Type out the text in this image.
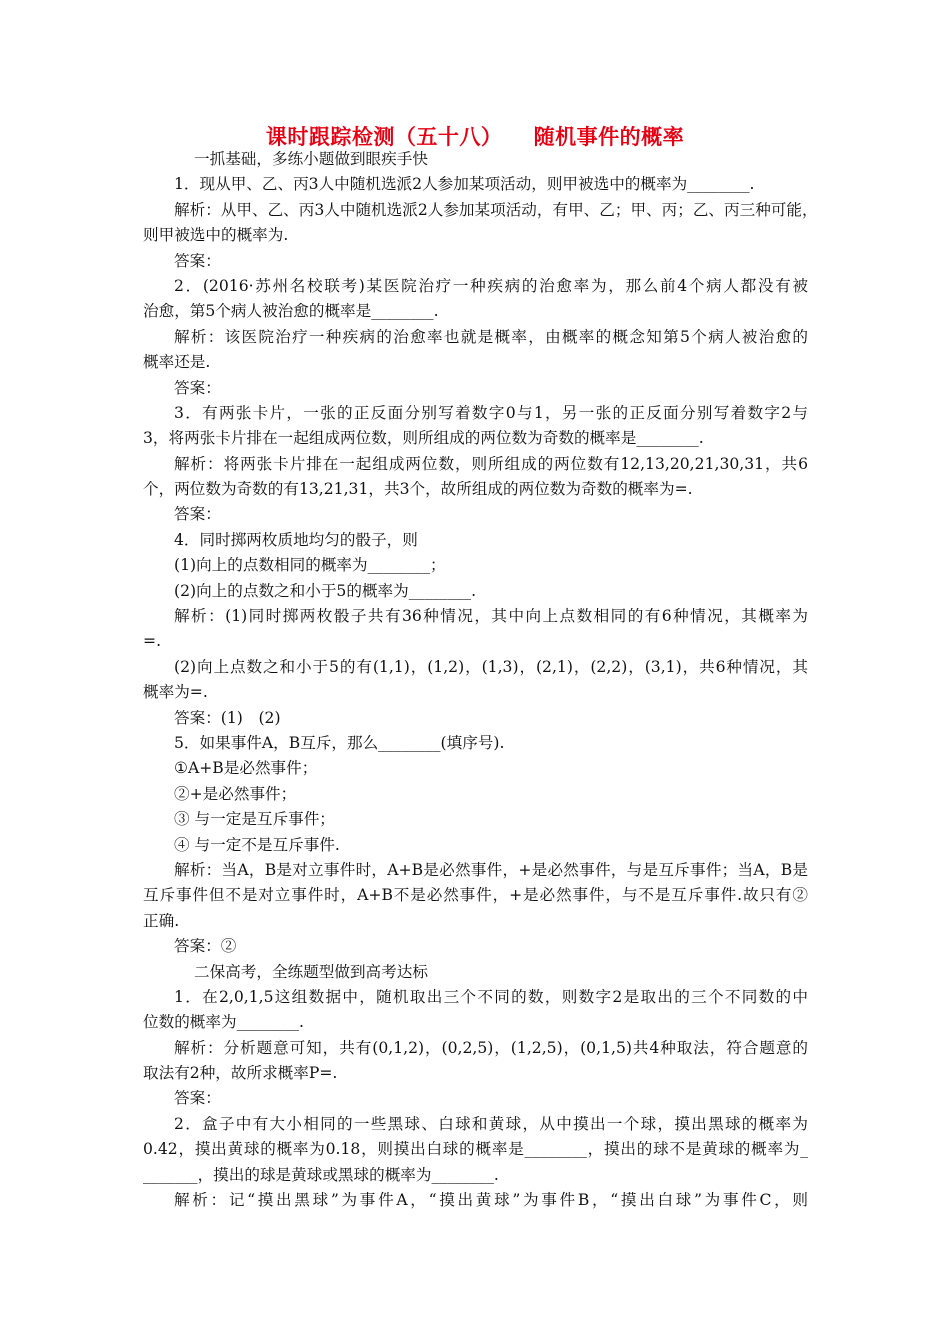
课时跟踪检测（五十八）    随机事件的概率
一抓基础，多练小题做到眼疾手快
1．现从甲、乙、丙3人中随机选派2人参加某项活动，则甲被选中的概率为________.
解析：从甲、乙、丙3人中随机选派2人参加某项活动，有甲、乙；甲、丙；乙、丙三种可能，
则甲被选中的概率为.
答案：
2．(2016·苏州名校联考)某医院治疗一种疾病的治愈率为，那么前4个病人都没有被
治愈，第5个病人被治愈的概率是________.
解析：该医院治疗一种疾病的治愈率也就是概率，由概率的概念知第5个病人被治愈的
概率还是.
答案：
3．有两张卡片，一张的正反面分别写着数字0与1，另一张的正反面分别写着数字2与
3，将两张卡片排在一起组成两位数，则所组成的两位数为奇数的概率是________.
解析：将两张卡片排在一起组成两位数，则所组成的两位数有12,13,20,21,30,31，共6
个，两位数为奇数的有13,21,31，共3个，故所组成的两位数为奇数的概率为=.
答案：
4．同时掷两枚质地均匀的骰子，则
(1)向上的点数相同的概率为________；
(2)向上的点数之和小于5的概率为________.
解析：(1)同时掷两枚骰子共有36种情况，其中向上点数相同的有6种情况，其概率为
=.
(2)向上点数之和小于5的有(1,1)，(1,2)，(1,3)，(2,1)，(2,2)，(3,1)，共6种情况，其
概率为=.
答案：(1)　(2)
5．如果事件A，B互斥，那么________(填序号).
①A+B是必然事件；
②+是必然事件；
③ 与一定是互斥事件；
④ 与一定不是互斥事件.
解析：当A，B是对立事件时，A+B是必然事件，+是必然事件，与是互斥事件；当A，B是
互斥事件但不是对立事件时，A+B不是必然事件，+是必然事件，与不是互斥事件.故只有②
正确.
答案：②
二保高考，全练题型做到高考达标
1．在2,0,1,5这组数据中，随机取出三个不同的数，则数字2是取出的三个不同数的中
位数的概率为________.
解析：分析题意可知，共有(0,1,2)，(0,2,5)，(1,2,5)，(0,1,5)共4种取法，符合题意的
取法有2种，故所求概率P=.
答案：
2．盒子中有大小相同的一些黑球、白球和黄球，从中摸出一个球，摸出黑球的概率为
0.42，摸出黄球的概率为0.18，则摸出白球的概率是________，摸出的球不是黄球的概率为_
_______，摸出的球是黄球或黑球的概率为________.
解析：记“摸出黑球”为事件A，“摸出黄球”为事件B，“摸出白球”为事件C，则
